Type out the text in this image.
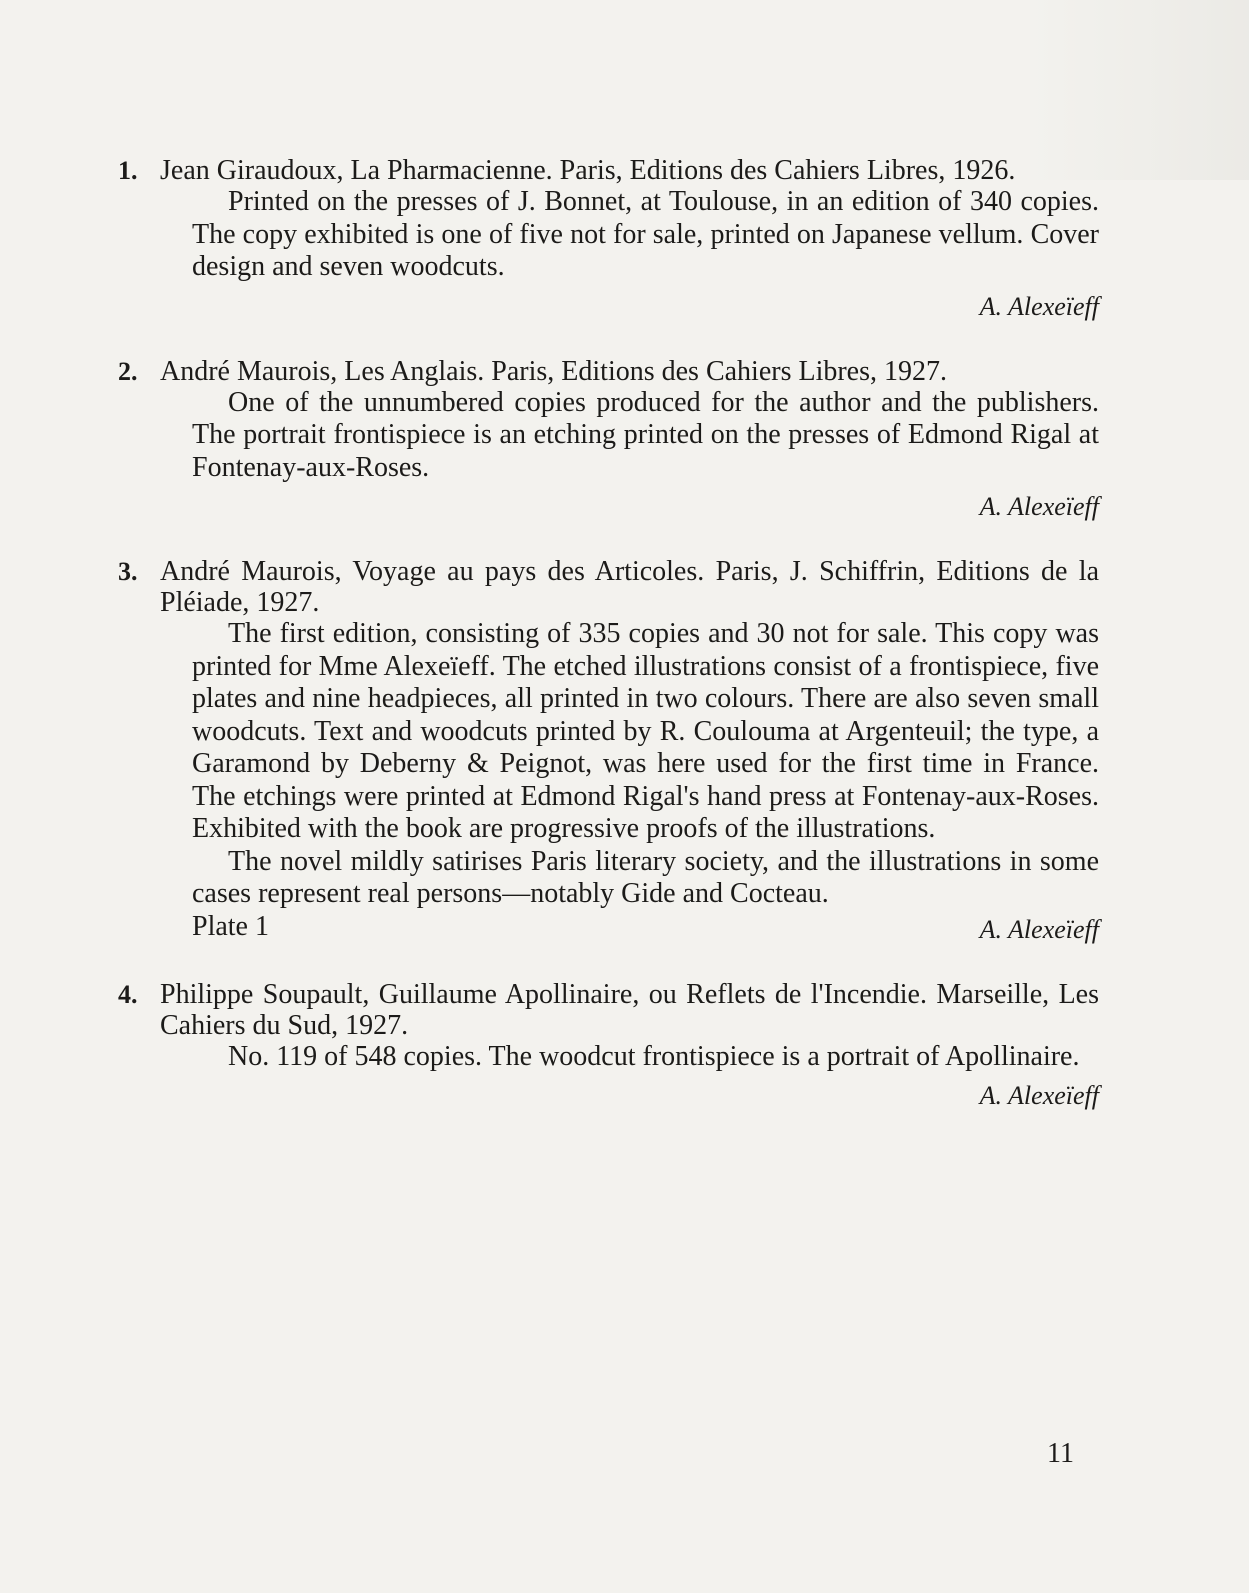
1. Jean Giraudoux, La Pharmacienne. Paris, Editions des Cahiers Libres, 1926.

Printed on the presses of J. Bonnet, at Toulouse, in an edition of 340 copies. The copy exhibited is one of five not for sale, printed on Japanese vellum. Cover design and seven woodcuts.

A. Alexeïeff
2. André Maurois, Les Anglais. Paris, Editions des Cahiers Libres, 1927.

One of the unnumbered copies produced for the author and the publishers. The portrait frontispiece is an etching printed on the presses of Edmond Rigal at Fontenay-aux-Roses.

A. Alexeïeff
3. André Maurois, Voyage au pays des Articoles. Paris, J. Schiffrin, Editions de la Pléiade, 1927.

The first edition, consisting of 335 copies and 30 not for sale. This copy was printed for Mme Alexeïeff. The etched illustrations consist of a frontispiece, five plates and nine headpieces, all printed in two colours. There are also seven small woodcuts. Text and woodcuts printed by R. Coulouma at Argenteuil; the type, a Garamond by Deberny & Peignot, was here used for the first time in France. The etchings were printed at Edmond Rigal's hand press at Fontenay-aux-Roses. Exhibited with the book are progressive proofs of the illustrations.

The novel mildly satirises Paris literary society, and the illustrations in some cases represent real persons—notably Gide and Cocteau.

Plate 1	A. Alexeïeff
4. Philippe Soupault, Guillaume Apollinaire, ou Reflets de l'Incendie. Marseille, Les Cahiers du Sud, 1927.

No. 119 of 548 copies. The woodcut frontispiece is a portrait of Apollinaire.

A. Alexeïeff
11
